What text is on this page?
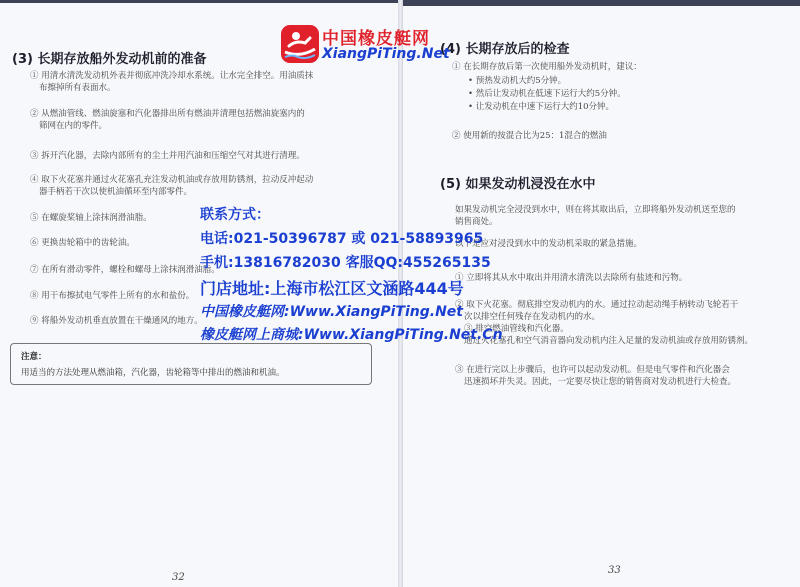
(3) 长期存放船外发动机前的准备
① 用清水清洗发动机外表并彻底冲洗冷却水系统。让水完全排空。用油质抹
布擦掉所有表面水。
② 从燃油管线、燃油旋塞和汽化器排出所有燃油并清理包括燃油旋塞内的
筛网在内的零件。
③ 拆开汽化器，去除内部所有的尘土并用汽油和压缩空气对其进行清理。
④ 取下火花塞并通过火花塞孔充注发动机油或存放用防锈剂，拉动反冲起动
器手柄若干次以使机油循环至内部零件。
⑤ 在螺旋桨轴上涂抹润滑油脂。
⑥ 更换齿轮箱中的齿轮油。
⑦ 在所有滑动零件，螺栓和螺母上涂抹润滑油脂。
⑧ 用干布擦拭电气零件上所有的水和盐份。
⑨ 将船外发动机垂直放置在干燥通风的地方。
注意：
用适当的方法处理从燃油箱，汽化器，齿轮箱等中排出的燃油和机油。
32
(4) 长期存放后的检查
① 在长期存放后第一次使用船外发动机时，建议：
• 预热发动机大约5分钟。
• 然后让发动机在低速下运行大约5分钟。
• 让发动机在中速下运行大约10分钟。
② 使用新的按混合比为25：1混合的燃油
(5) 如果发动机浸没在水中
如果发动机完全浸没到水中，则在将其取出后，立即将船外发动机送至您的
销售商处。
以下是应对浸没到水中的发动机采取的紧急措施。
① 立即将其从水中取出并用清水清洗以去除所有盐迹和污物。
② 取下火花塞。彻底排空发动机内的水。通过拉动起动绳手柄转动飞轮若干
次以排空任何残存在发动机内的水。
③ 排空燃油管线和汽化器。
通过火花塞孔和空气消音器向发动机内注入足量的发动机油或存放用防锈剂。
③ 在进行完以上步骤后，也许可以起动发动机。但是电气零件和汽化器会
迅速损坏并失灵。因此，一定要尽快让您的销售商对发动机进行大检查。
33
中国橡皮艇网
XiangPiTing.Net
联系方式：
电话:021-50396787 或 021-58893965
手机:13816782030 客服QQ:455265135
门店地址:上海市松江区文涵路444号
中国橡皮艇网:Www.XiangPiTing.Net
橡皮艇网上商城:Www.XiangPiTing.Net.Cn
